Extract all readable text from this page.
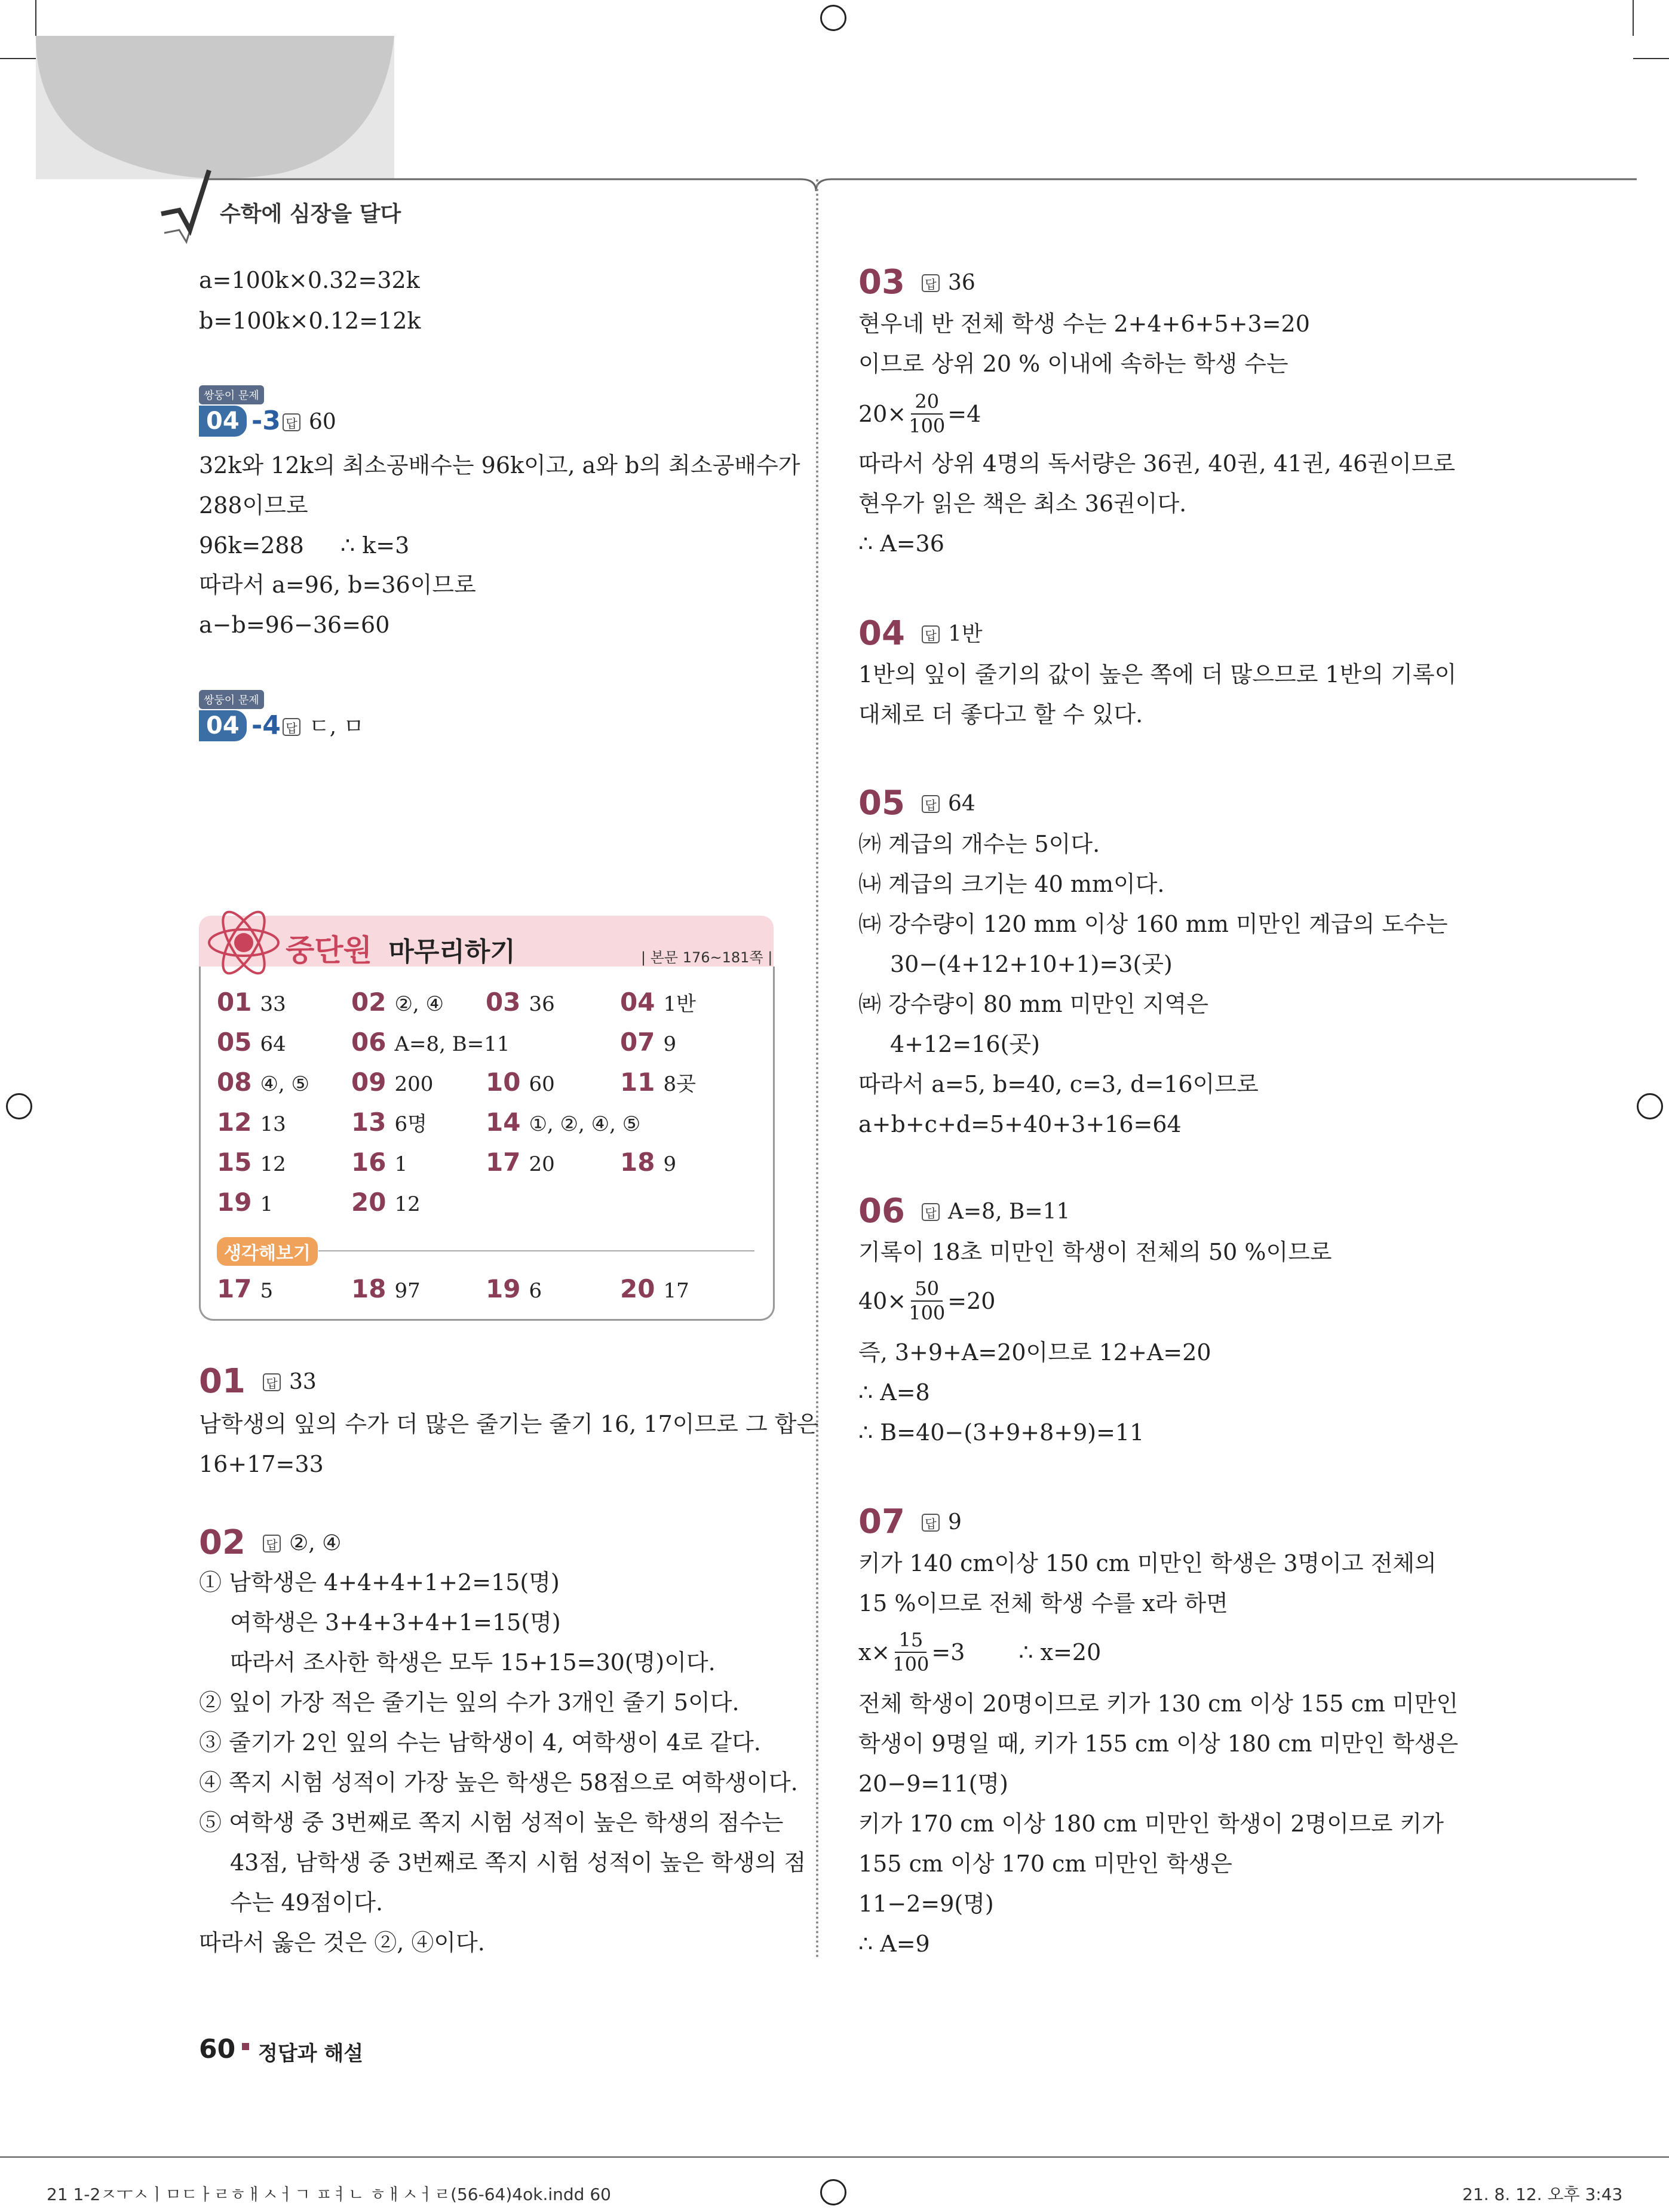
수학에 심장을 달다
a=100k×0.32=32k
b=100k×0.12=12k
쌍둥이 문제
04 -3 답 60
32k와 12k의 최소공배수는 96k이고, a와 b의 최소공배수가
288이므로
96k=288 ∴ k=3
따라서 a=96, b=36이므로
a−b=96−36=60
쌍둥이 문제
04 -4 답 ㄷ, ㅁ
중단원 마무리하기	| 본문 176~181쪽 |
01 33	02 ②, ④ 03 36	04 1반
05 64	06 A=8, B=11	07 9
08 ④, ⑤ 09 200 10 60	11 8곳
12 13	13 6명 14 ①, ②, ④, ⑤
15 12	16 1	17 20	18 9
19 1	20 12
생각해보기
17 5	18 97	19 6	20 17
01 답 33
남학생의 잎의 수가 더 많은 줄기는 줄기 16, 17이므로 그 합은
16+17=33
02 답 ②, ④
① 남학생은 4+4+4+1+2=15(명)
여학생은 3+4+3+4+1=15(명)
따라서 조사한 학생은 모두 15+15=30(명)이다.
② 잎이 가장 적은 줄기는 잎의 수가 3개인 줄기 5이다.
③ 줄기가 2인 잎의 수는 남학생이 4, 여학생이 4로 같다.
④ 쪽지 시험 성적이 가장 높은 학생은 58점으로 여학생이다.
⑤ 여학생 중 3번째로 쪽지 시험 성적이 높은 학생의 점수는
43점, 남학생 중 3번째로 쪽지 시험 성적이 높은 학생의 점
수는 49점이다.
따라서 옳은 것은 ②, ④이다.
03 답 36
현우네 반 전체 학생 수는 2+4+6+5+3=20
이므로 상위 20 % 이내에 속하는 학생 수는
$20\times \frac{20}{100} =4$
따라서 상위 4명의 독서량은 36권, 40권, 41권, 46권이므로
현우가 읽은 책은 최소 36권이다.
∴ A=36
04 답 1반
1반의 잎이 줄기의 값이 높은 쪽에 더 많으므로 1반의 기록이
대체로 더 좋다고 할 수 있다.
05 답 64
㈎ 계급의 개수는 5이다.
㈏ 계급의 크기는 40 mm이다.
㈐ 강수량이 120 mm 이상 160 mm 미만인 계급의 도수는
30−(4+12+10+1)=3(곳)
㈑ 강수량이 80 mm 미만인 지역은
4+12=16(곳)
따라서 a=5, b=40, c=3, d=16이므로
a+b+c+d=5+40+3+16=64
06 답 A=8, B=11
기록이 18초 미만인 학생이 전체의 50 %이므로
$40\times \frac{50}{100} =20$
즉, 3+9+A=20이므로 12+A=20
∴ A=8
∴ B=40−(3+9+8+9)=11
07 답 9
키가 140 cm이상 150 cm 미만인 학생은 3명이고 전체의
15 %이므로 전체 학생 수를 x라 하면
$x\times \frac{15}{100} =3$ ∴ x=20
전체 학생이 20명이므로 키가 130 cm 이상 155 cm 미만인
학생이 9명일 때, 키가 155 cm 이상 180 cm 미만인 학생은
20−9=11(명)
키가 170 cm 이상 180 cm 미만인 학생이 2명이므로 키가
155 cm 이상 170 cm 미만인 학생은
11−2=9(명)
∴ A=9
60 정답과 해설
21 1-2ㅈㅜㅅㅣㅁㄷㅏㄹㅎㅐㅅㅓㄱ ㅍㅕㄴ ㅎㅐㅅㅓㄹ(56-64)4ok.indd 60	21. 8. 12. 오후 3:43
